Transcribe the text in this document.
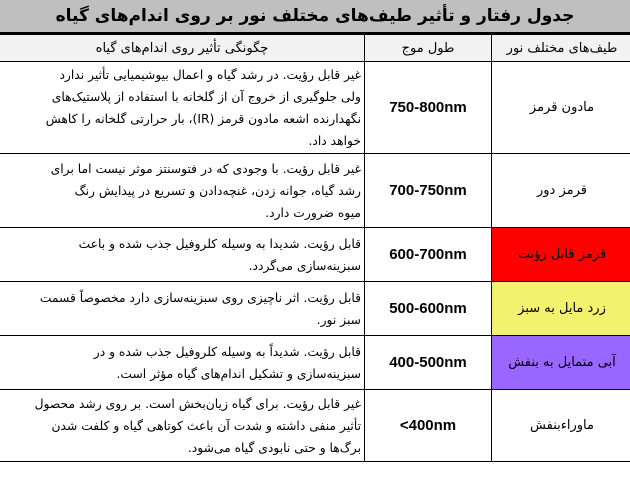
جدول رفتار و تأثیر طیف‌های مختلف نور بر روی اندام‌های گیاه
طیف‌های مختلف نور	طول موج	چگونگی تأثیر روی اندام‌های گیاه
مادون قرمز	750-800nm	غیر قابل رؤیت. در رشد گیاه و اعمال بیوشیمیایی تأثیر ندارد
ولی جلوگیری از خروج آن از گلخانه با استفاده از پلاستیک‌های
نگهدارنده اشعه مادون قرمز (IR)، بار حرارتی گلخانه را کاهش
خواهد داد.

قرمز دور	700-750nm	غیر قابل رؤیت. با وجودی که در فتوسنتز موثر نیست اما برای
رشد گیاه، جوانه زدن، غنچه‌دادن و تسریع در پیدایش رنگ
میوه ضرورت دارد.

قرمز قابل رؤیت	600-700nm	قابل رؤیت. شدیدا به وسیله کلروفیل جذب شده و باعث
سبزینه‌سازی می‌گردد.

زرد مایل به سبز	500-600nm	قابل رؤیت. اثر ناچیزی روی سبزینه‌سازی دارد مخصوصاً قسمت
سبز نور.

آبی متمایل به بنفش	400-500nm	قابل رؤیت. شدیداً به وسیله کلروفیل جذب شده و در
سبزینه‌سازی و تشکیل اندام‌های گیاه مؤثر است.

ماورا‌ءبنفش	<400nm	غیر قابل رؤیت. برای گیاه زیان‌بخش است. بر روی رشد محصول
تأثیر منفی داشته و شدت آن باعث کوتاهی گیاه و کلفت شدن
برگ‌ها و حتی نابودی گیاه می‌شود.
